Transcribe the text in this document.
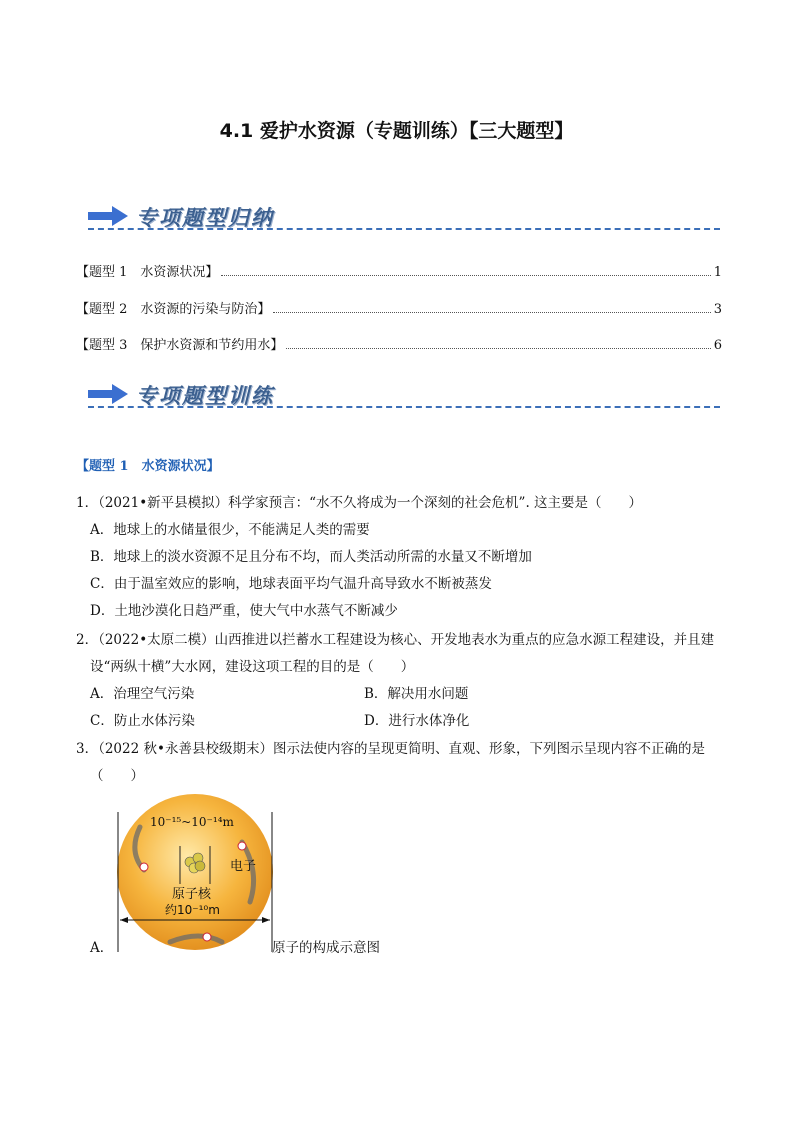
4.1 爱护水资源（专题训练）【三大题型】
专项题型归纳
【题型 1　水资源状况】	1
【题型 2　水资源的污染与防治】	3
【题型 3　保护水资源和节约用水】	6
专项题型训练
【题型 1　水资源状况】
1．（2021•新平县模拟）科学家预言：“水不久将成为一个深刻的社会危机”. 这主要是（　　）
A．地球上的水储量很少，不能满足人类的需要
B．地球上的淡水资源不足且分布不均，而人类活动所需的水量又不断增加
C．由于温室效应的影响，地球表面平均气温升高导致水不断被蒸发
D．土地沙漠化日趋严重，使大气中水蒸气不断减少
2．（2022•太原二模）山西推进以拦蓄水工程建设为核心、开发地表水为重点的应急水源工程建设，并且建
设“两纵十横”大水网，建设这项工程的目的是（　　）
A．治理空气污染	B．解决用水问题
C．防止水体污染	D．进行水体净化
3．（2022 秋•永善县校级期末）图示法使内容的呈现更简明、直观、形象，下列图示呈现内容不正确的是
（　　）
A．
10⁻¹⁵~10⁻¹⁴m
电子
原子核
约10⁻¹⁰m
原子的构成示意图
